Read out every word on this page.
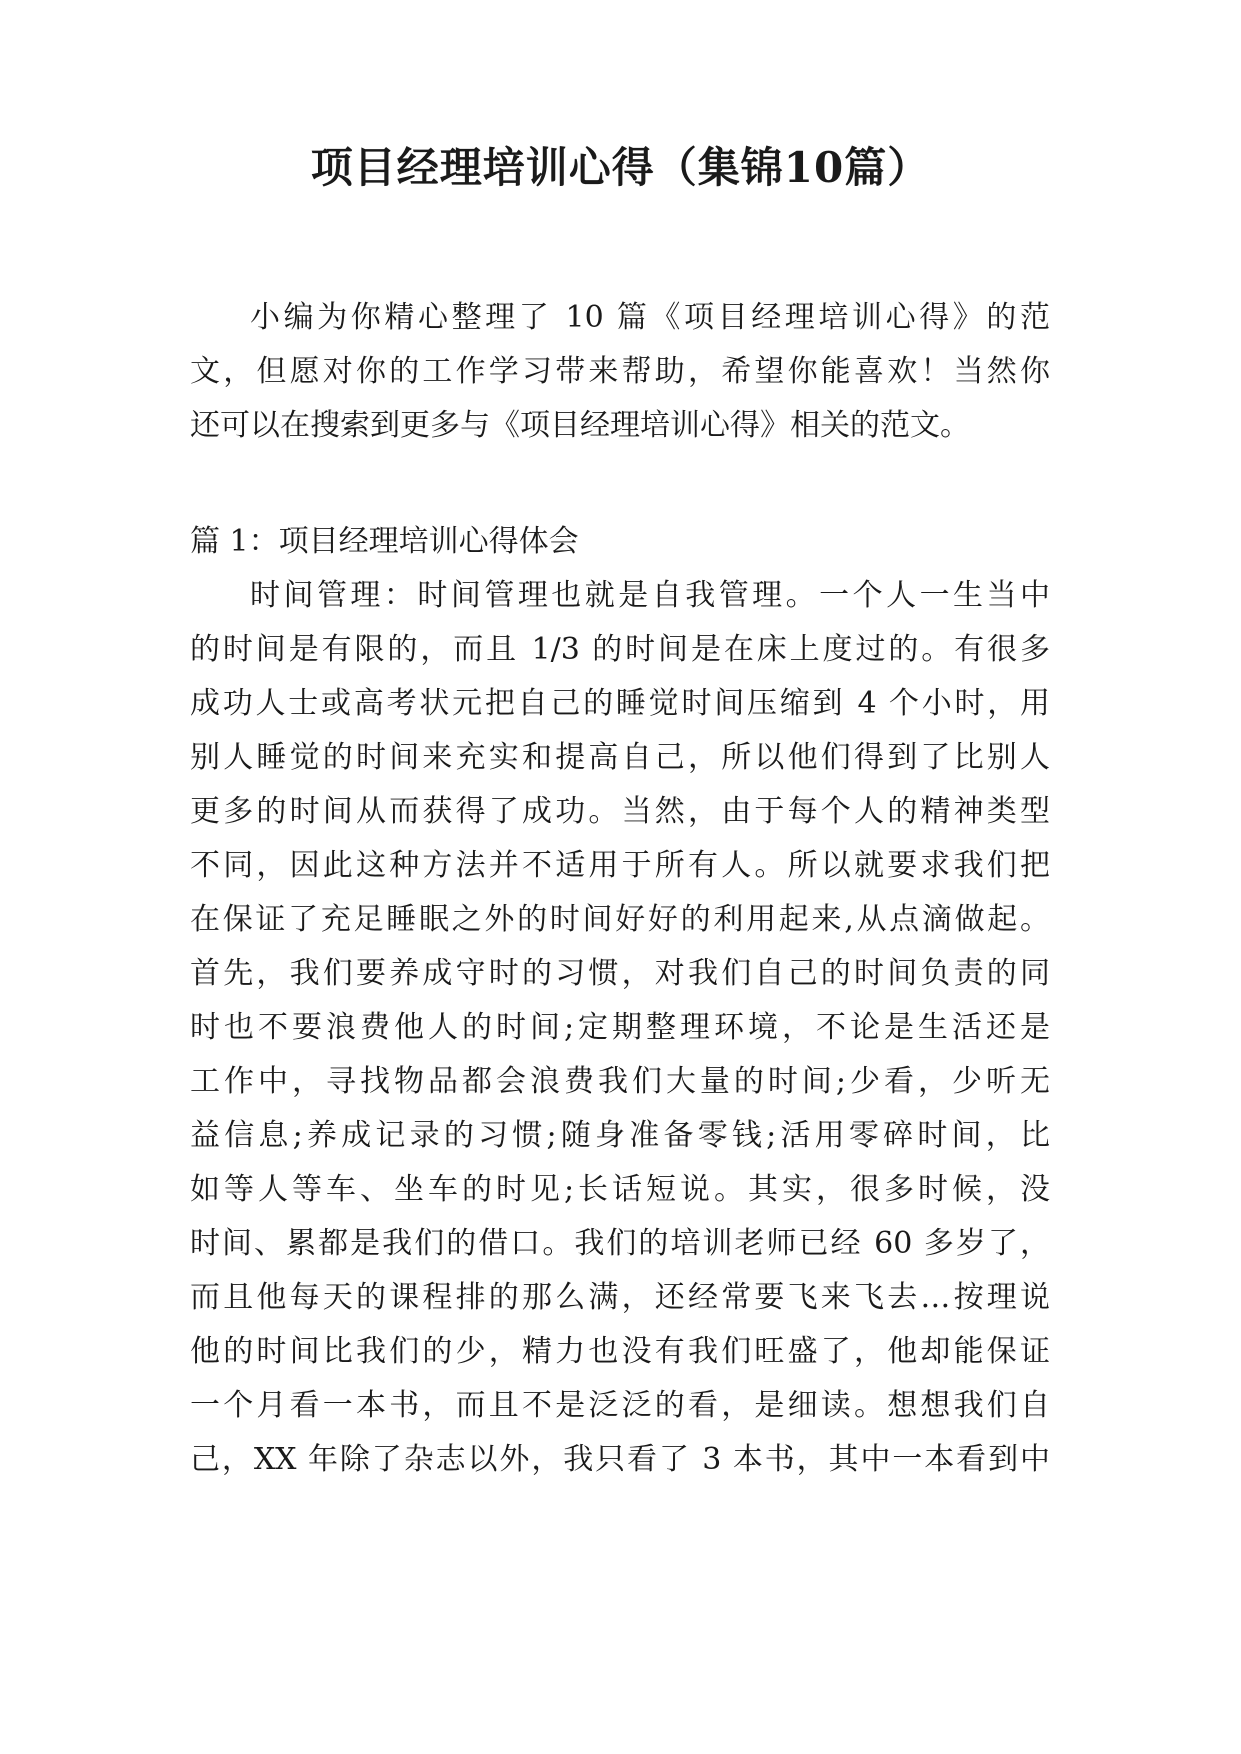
项目经理培训心得（集锦10篇）
小编为你精心整理了 10 篇《项目经理培训心得》的范
文，但愿对你的工作学习带来帮助，希望你能喜欢！当然你
还可以在搜索到更多与《项目经理培训心得》相关的范文。
篇 1：项目经理培训心得体会
时间管理：时间管理也就是自我管理。一个人一生当中
的时间是有限的，而且 1/3 的时间是在床上度过的。有很多
成功人士或高考状元把自己的睡觉时间压缩到 4 个小时，用
别人睡觉的时间来充实和提高自己，所以他们得到了比别人
更多的时间从而获得了成功。当然，由于每个人的精神类型
不同，因此这种方法并不适用于所有人。所以就要求我们把
在保证了充足睡眠之外的时间好好的利用起来,从点滴做起。
首先，我们要养成守时的习惯，对我们自己的时间负责的同
时也不要浪费他人的时间;定期整理环境，不论是生活还是
工作中，寻找物品都会浪费我们大量的时间;少看，少听无
益信息;养成记录的习惯;随身准备零钱;活用零碎时间，比
如等人等车、坐车的时见;长话短说。其实，很多时候，没
时间、累都是我们的借口。我们的培训老师已经 60 多岁了，
而且他每天的课程排的那么满，还经常要飞来飞去…按理说
他的时间比我们的少，精力也没有我们旺盛了，他却能保证
一个月看一本书，而且不是泛泛的看，是细读。想想我们自
己，XX 年除了杂志以外，我只看了 3 本书，其中一本看到中
